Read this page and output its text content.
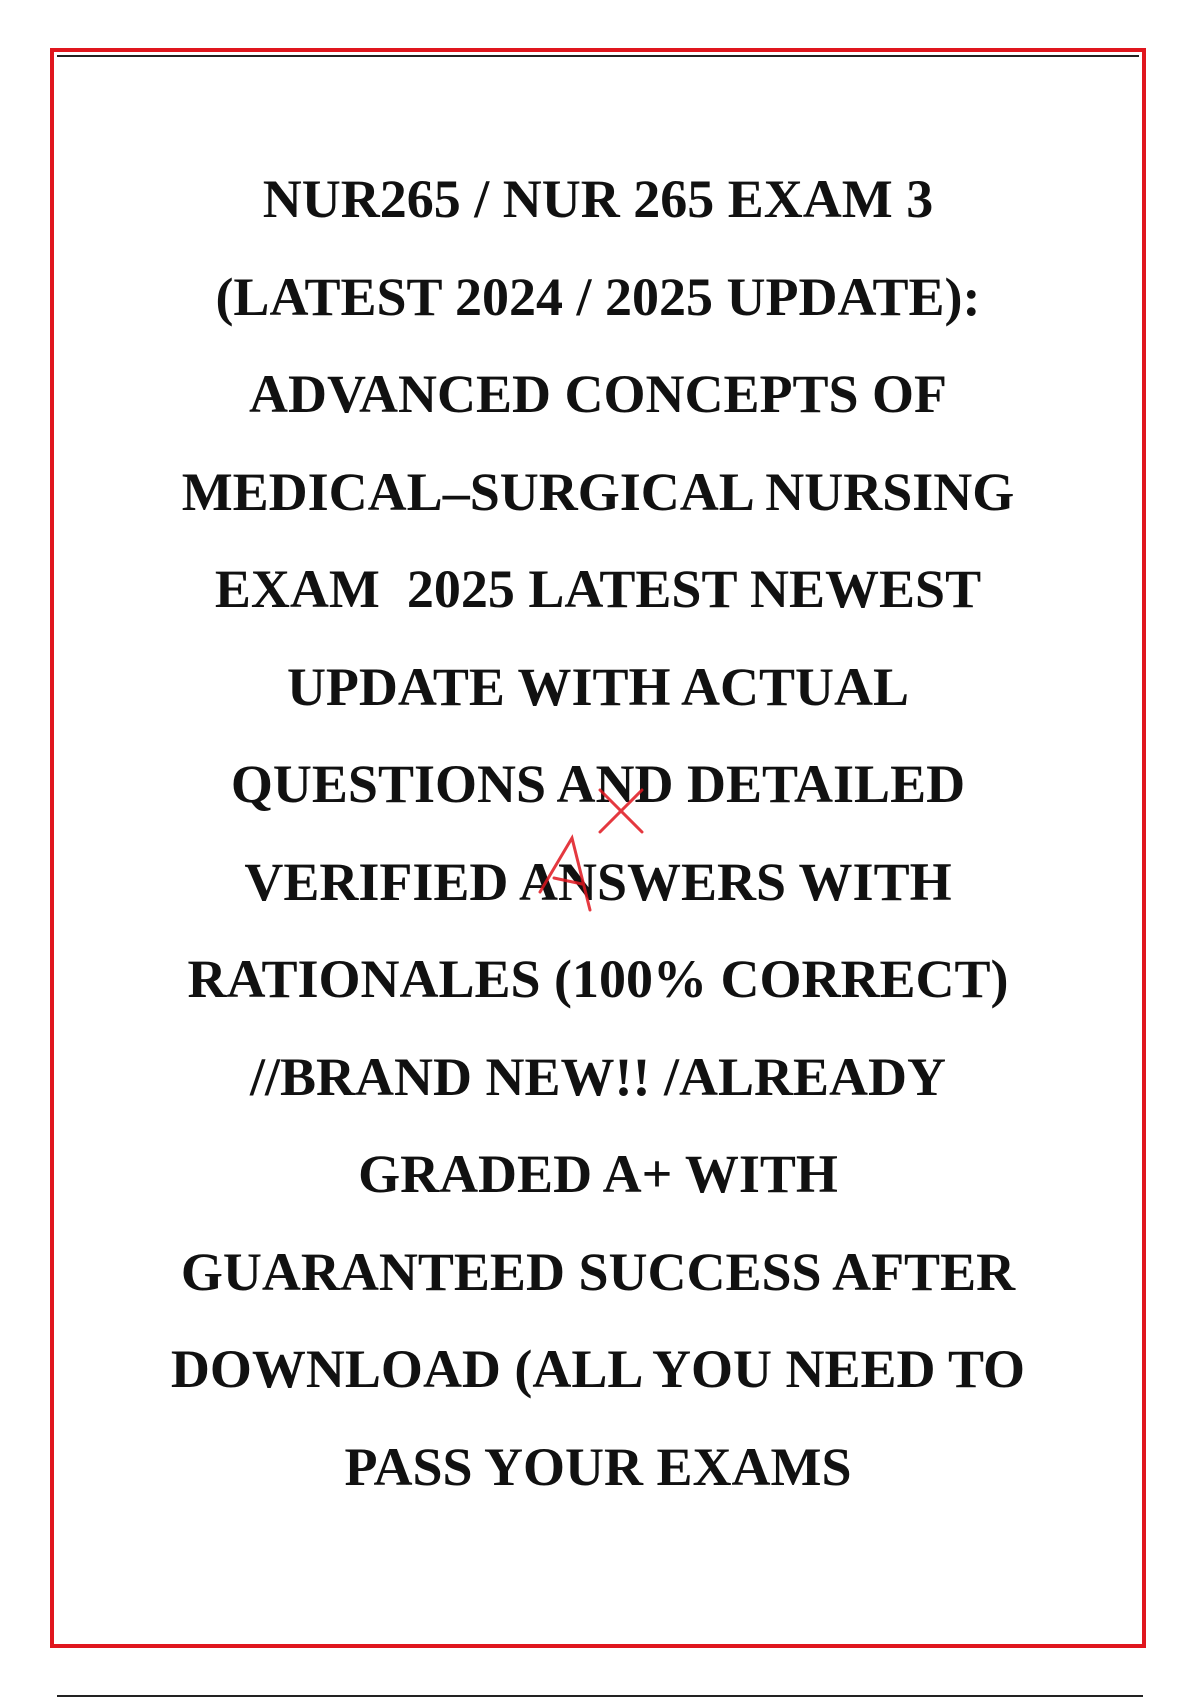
NUR265 / NUR 265 EXAM 3
(LATEST 2024 / 2025 UPDATE):
ADVANCED CONCEPTS OF
MEDICAL–SURGICAL NURSING
EXAM  2025 LATEST NEWEST
UPDATE WITH ACTUAL
QUESTIONS AND DETAILED
VERIFIED ANSWERS WITH
RATIONALES (100% CORRECT)
//BRAND NEW!! /ALREADY
GRADED A+ WITH
GUARANTEED SUCCESS AFTER
DOWNLOAD (ALL YOU NEED TO
PASS YOUR EXAMS
